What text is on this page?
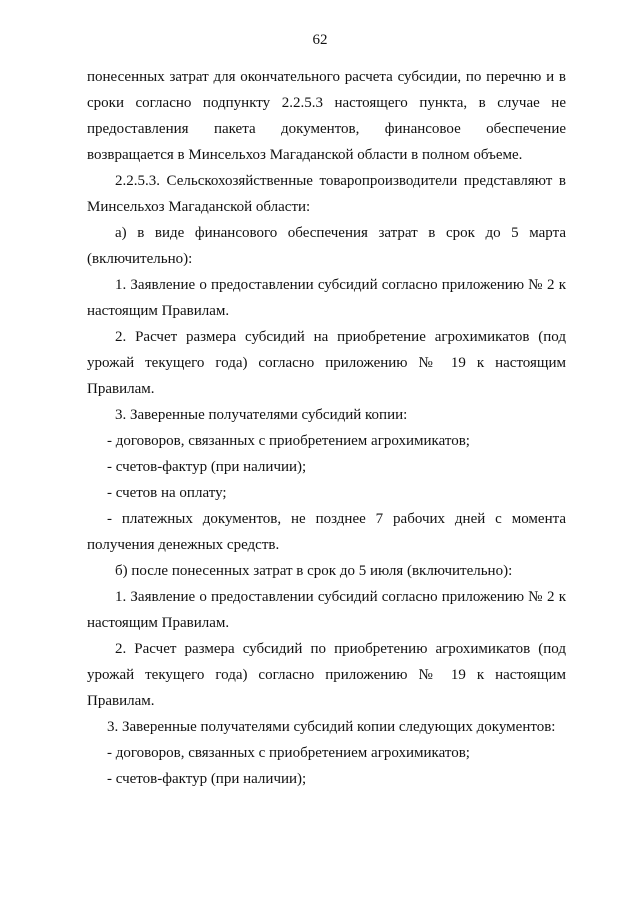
62

понесенных затрат для окончательного расчета субсидии, по перечню и в сроки согласно подпункту 2.2.5.3 настоящего пункта, в случае не предоставления пакета документов, финансовое обеспечение возвращается в Минсельхоз Магаданской области в полном объеме.

2.2.5.3. Сельскохозяйственные товаропроизводители представляют в Минсельхоз Магаданской области:

а) в виде финансового обеспечения затрат в срок до 5 марта (включительно):

1. Заявление о предоставлении субсидий согласно приложению № 2 к настоящим Правилам.

2. Расчет размера субсидий на приобретение агрохимикатов (под урожай текущего года) согласно приложению № 19 к настоящим Правилам.

3. Заверенные получателями субсидий копии:

- договоров, связанных с приобретением агрохимикатов;

- счетов-фактур (при наличии);

- счетов на оплату;

- платежных документов, не позднее 7 рабочих дней с момента получения денежных средств.

б) после понесенных затрат в срок до 5 июля (включительно):

1. Заявление о предоставлении субсидий согласно приложению № 2 к настоящим Правилам.

2. Расчет размера субсидий по приобретению агрохимикатов (под урожай текущего года) согласно приложению № 19 к настоящим Правилам.

3. Заверенные получателями субсидий копии следующих документов:

- договоров, связанных с приобретением агрохимикатов;

- счетов-фактур (при наличии);
